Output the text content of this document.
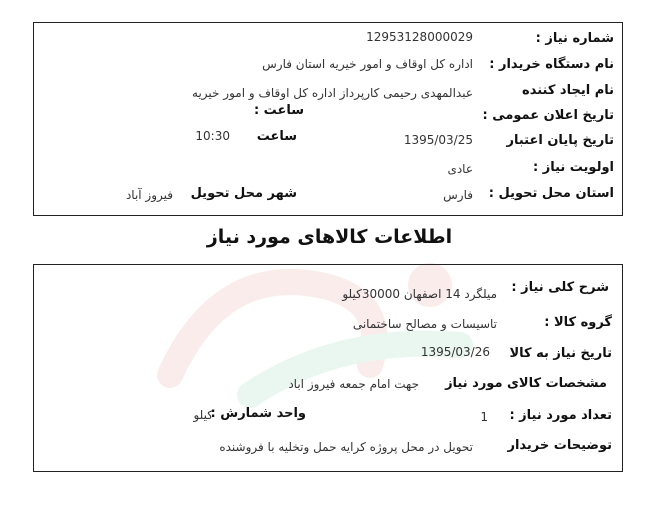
شماره نیاز :
12953128000029
نام دستگاه خریدار :
اداره کل اوقاف و امور خیریه استان فارس
نام ایجاد کننده
عبدالمهدی رحیمی کارپرداز اداره کل اوقاف و امور خیریه
تاریخ اعلان عمومی :
ساعت :
تاریخ پایان اعتبار
1395/03/25
ساعت
10:30
اولویت نیاز :
عادی
استان محل تحویل :
فارس
شهر محل تحویل
فیروز آباد
اطلاعات کالاهای مورد نیاز
شرح کلی نیاز :
میلگرد 14 اصفهان 30000کیلو
گروه کالا :
تاسیسات و مصالح ساختمانی
تاریخ نیاز به کالا
1395/03/26
مشخصات کالای مورد نیاز
جهت امام جمعه فیروز اباد
تعداد مورد نیاز :
1
واحد شمارش :
کیلو
توضیحات خریدار
تحویل در محل پروژه کرایه حمل وتخلیه با فروشنده
